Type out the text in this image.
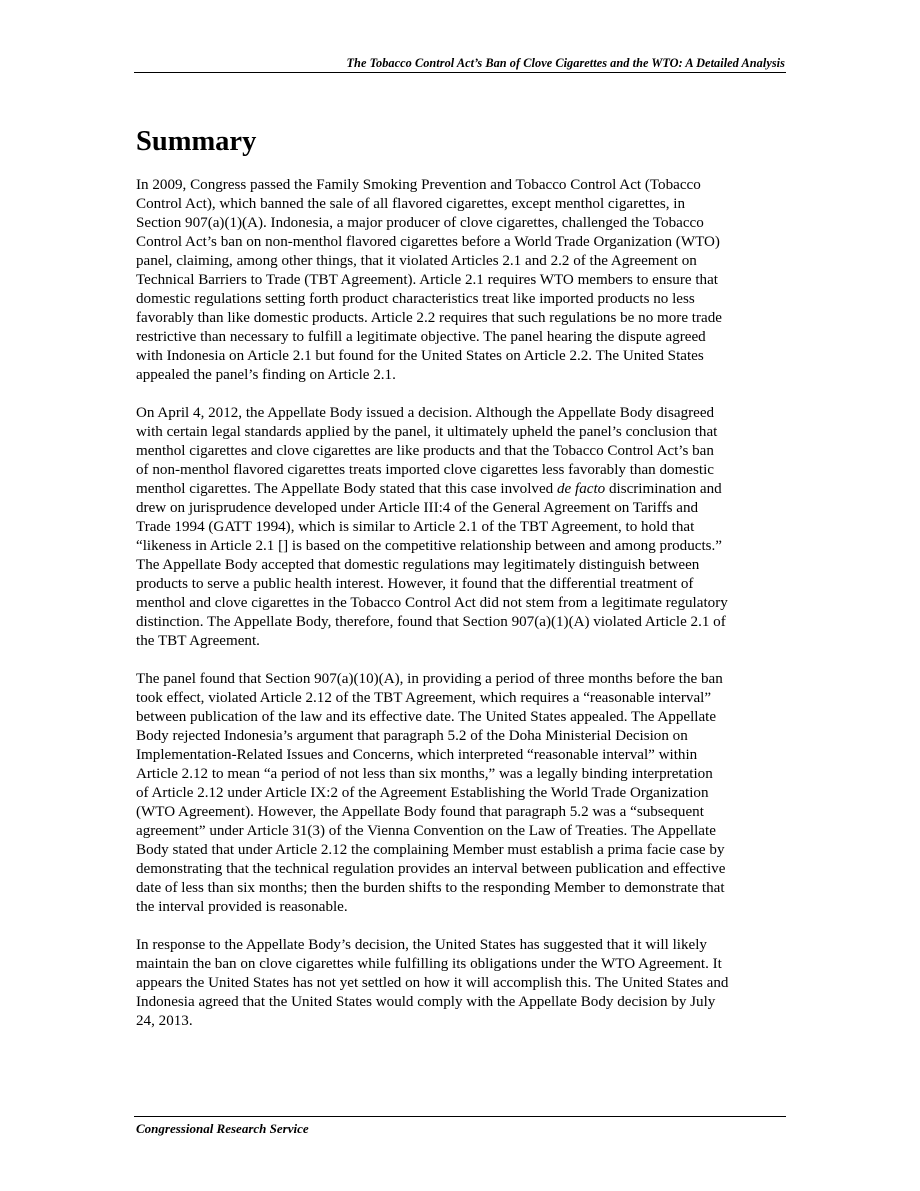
The Tobacco Control Act’s Ban of Clove Cigarettes and the WTO: A Detailed Analysis
Summary

In 2009, Congress passed the Family Smoking Prevention and Tobacco Control Act (Tobacco
Control Act), which banned the sale of all flavored cigarettes, except menthol cigarettes, in
Section 907(a)(1)(A). Indonesia, a major producer of clove cigarettes, challenged the Tobacco
Control Act’s ban on non-menthol flavored cigarettes before a World Trade Organization (WTO)
panel, claiming, among other things, that it violated Articles 2.1 and 2.2 of the Agreement on
Technical Barriers to Trade (TBT Agreement). Article 2.1 requires WTO members to ensure that
domestic regulations setting forth product characteristics treat like imported products no less
favorably than like domestic products. Article 2.2 requires that such regulations be no more trade
restrictive than necessary to fulfill a legitimate objective. The panel hearing the dispute agreed
with Indonesia on Article 2.1 but found for the United States on Article 2.2. The United States
appealed the panel’s finding on Article 2.1.

On April 4, 2012, the Appellate Body issued a decision. Although the Appellate Body disagreed
with certain legal standards applied by the panel, it ultimately upheld the panel’s conclusion that
menthol cigarettes and clove cigarettes are like products and that the Tobacco Control Act’s ban
of non-menthol flavored cigarettes treats imported clove cigarettes less favorably than domestic
menthol cigarettes. The Appellate Body stated that this case involved de facto discrimination and
drew on jurisprudence developed under Article III:4 of the General Agreement on Tariffs and
Trade 1994 (GATT 1994), which is similar to Article 2.1 of the TBT Agreement, to hold that
“likeness in Article 2.1 [] is based on the competitive relationship between and among products.”
The Appellate Body accepted that domestic regulations may legitimately distinguish between
products to serve a public health interest. However, it found that the differential treatment of
menthol and clove cigarettes in the Tobacco Control Act did not stem from a legitimate regulatory
distinction. The Appellate Body, therefore, found that Section 907(a)(1)(A) violated Article 2.1 of
the TBT Agreement.

The panel found that Section 907(a)(10)(A), in providing a period of three months before the ban
took effect, violated Article 2.12 of the TBT Agreement, which requires a “reasonable interval”
between publication of the law and its effective date. The United States appealed. The Appellate
Body rejected Indonesia’s argument that paragraph 5.2 of the Doha Ministerial Decision on
Implementation-Related Issues and Concerns, which interpreted “reasonable interval” within
Article 2.12 to mean “a period of not less than six months,” was a legally binding interpretation
of Article 2.12 under Article IX:2 of the Agreement Establishing the World Trade Organization
(WTO Agreement). However, the Appellate Body found that paragraph 5.2 was a “subsequent
agreement” under Article 31(3) of the Vienna Convention on the Law of Treaties. The Appellate
Body stated that under Article 2.12 the complaining Member must establish a prima facie case by
demonstrating that the technical regulation provides an interval between publication and effective
date of less than six months; then the burden shifts to the responding Member to demonstrate that
the interval provided is reasonable.

In response to the Appellate Body’s decision, the United States has suggested that it will likely
maintain the ban on clove cigarettes while fulfilling its obligations under the WTO Agreement. It
appears the United States has not yet settled on how it will accomplish this. The United States and
Indonesia agreed that the United States would comply with the Appellate Body decision by July
24, 2013.

Congressional Research Service
